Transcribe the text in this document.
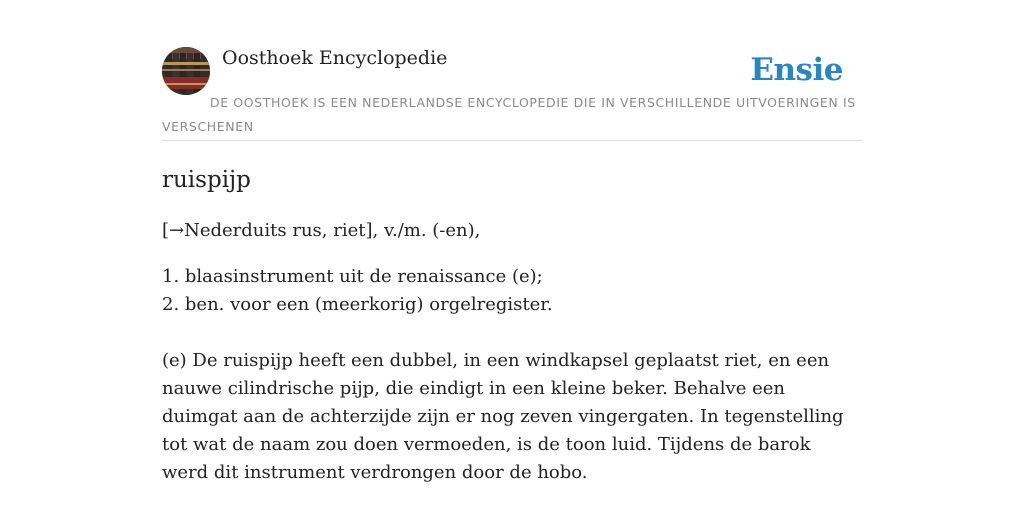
Oosthoek Encyclopedie	Ensie
DE OOSTHOEK IS EEN NEDERLANDSE ENCYCLOPEDIE DIE IN VERSCHILLENDE UITVOERINGEN IS VERSCHENEN
ruispijp
[→Nederduits rus, riet], v./m. (-en),
1. blaasinstrument uit de renaissance (e);
2. ben. voor een (meerkorig) orgelregister.
(e) De ruispijp heeft een dubbel, in een windkapsel geplaatst riet, en een nauwe cilindrische pijp, die eindigt in een kleine beker. Behalve een duimgat aan de achterzijde zijn er nog zeven vingergaten. In tegenstelling tot wat de naam zou doen vermoeden, is de toon luid. Tijdens de barok werd dit instrument verdrongen door de hobo.
